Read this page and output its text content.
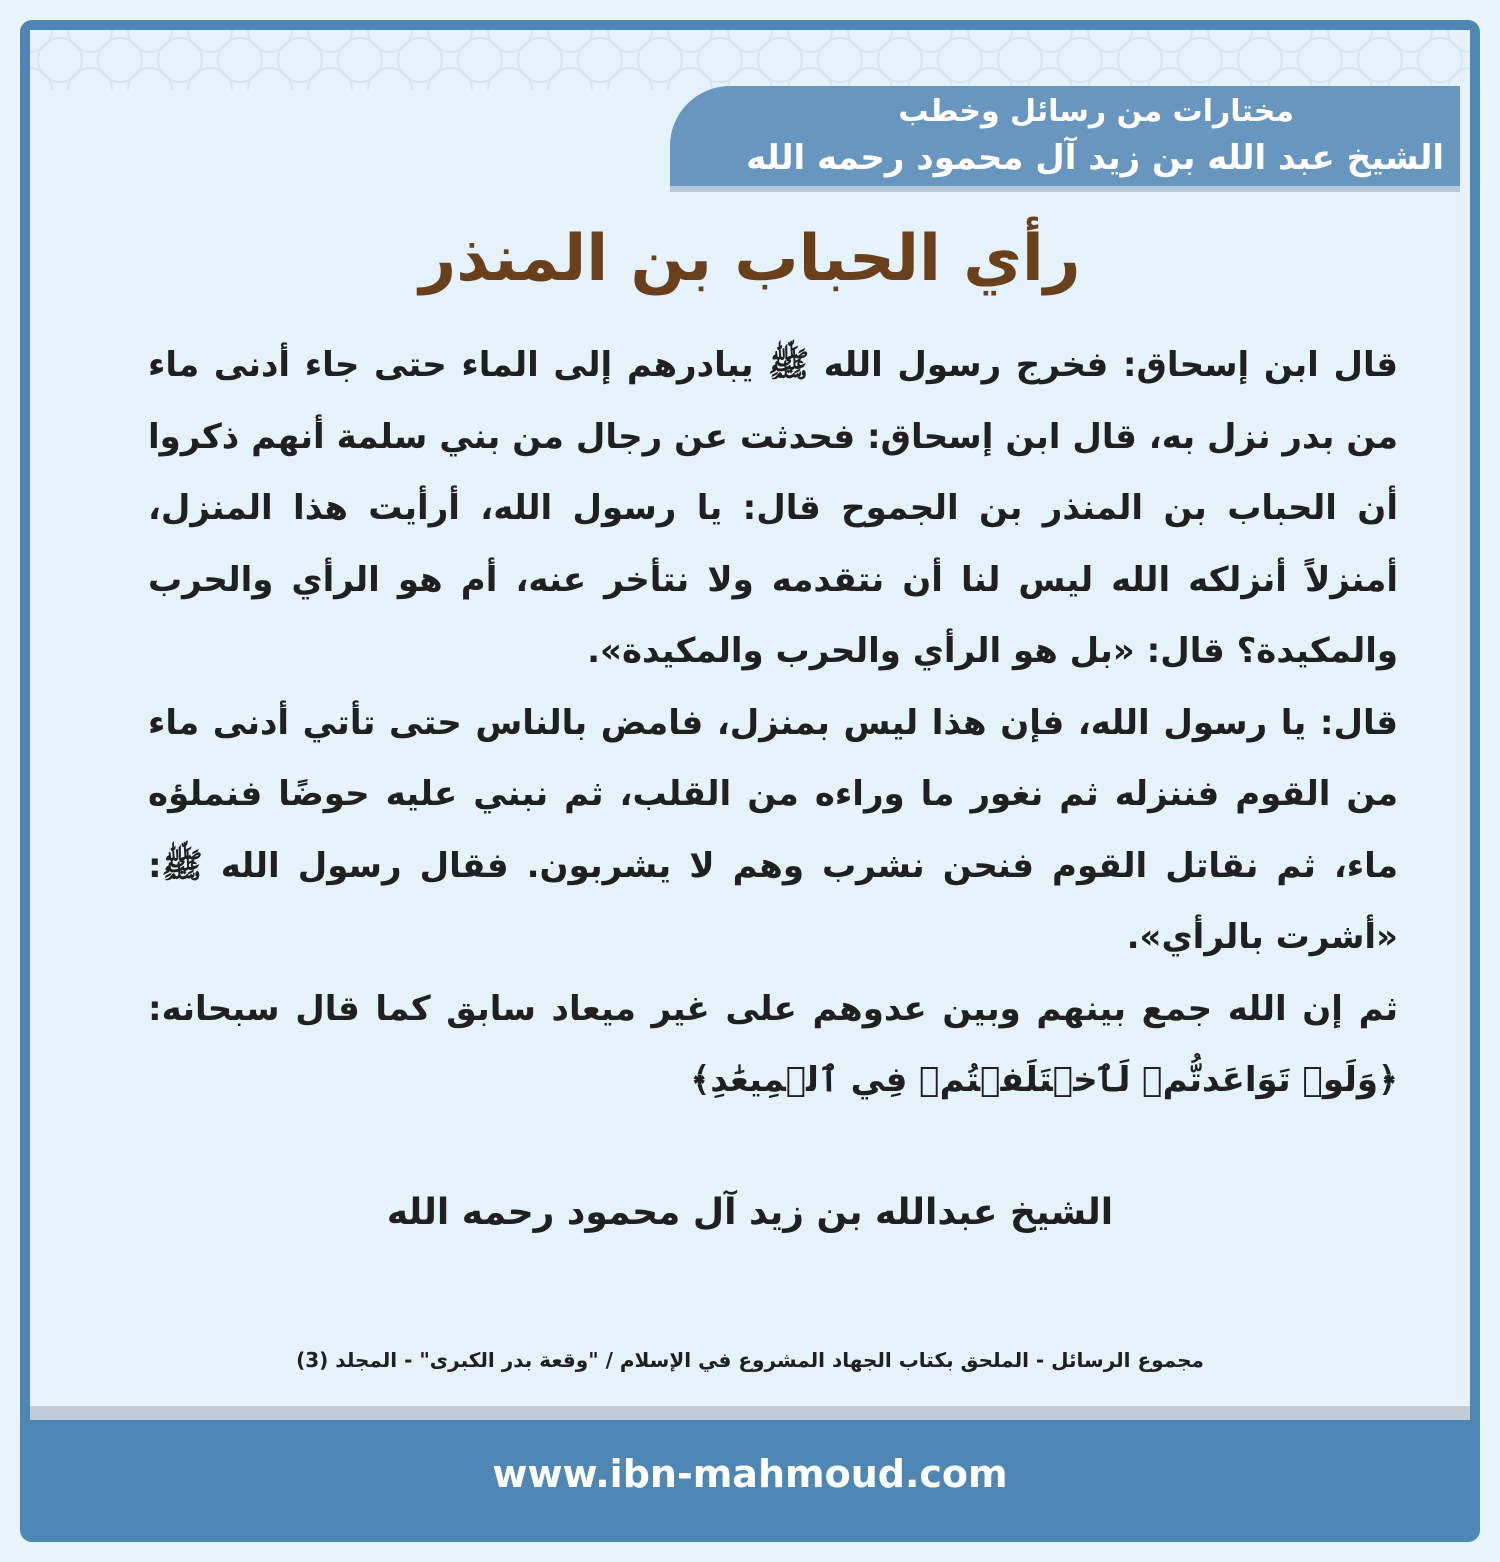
مختارات من رسائل وخطب
الشيخ عبد الله بن زيد آل محمود رحمه الله
رأي الحباب بن المنذر

قال ابن إسحاق: فخرج رسول الله ﷺ يبادرهم إلى الماء حتى جاء أدنى ماء من بدر نزل به، قال ابن إسحاق: فحدثت عن رجال من بني سلمة أنهم ذكروا أن الحباب بن المنذر بن الجموح قال: يا رسول الله، أرأيت هذا المنزل، أمنزلاً أنزلكه الله ليس لنا أن نتقدمه ولا نتأخر عنه، أم هو الرأي والحرب والمكيدة؟ قال: «بل هو الرأي والحرب والمكيدة».

قال: يا رسول الله، فإن هذا ليس بمنزل، فامض بالناس حتى تأتي أدنى ماء من القوم فننزله ثم نغور ما وراءه من القلب، ثم نبني عليه حوضًا فنملؤه ماء، ثم نقاتل القوم فنحن نشرب وهم لا يشربون. فقال رسول الله ﷺ: «أشرت بالرأي».

ثم إن الله جمع بينهم وبين عدوهم على غير ميعاد سابق كما قال سبحانه: ﴿وَلَوۡ تَوَاعَدتُّمۡ لَٱخۡتَلَفۡتُمۡ فِي ٱلۡمِيعَٰدِ﴾

الشيخ عبدالله بن زيد آل محمود رحمه الله
مجموع الرسائل - الملحق بكتاب الجهاد المشروع في الإسلام / "وقعة بدر الكبرى" - المجلد (3)
www.ibn-mahmoud.com
